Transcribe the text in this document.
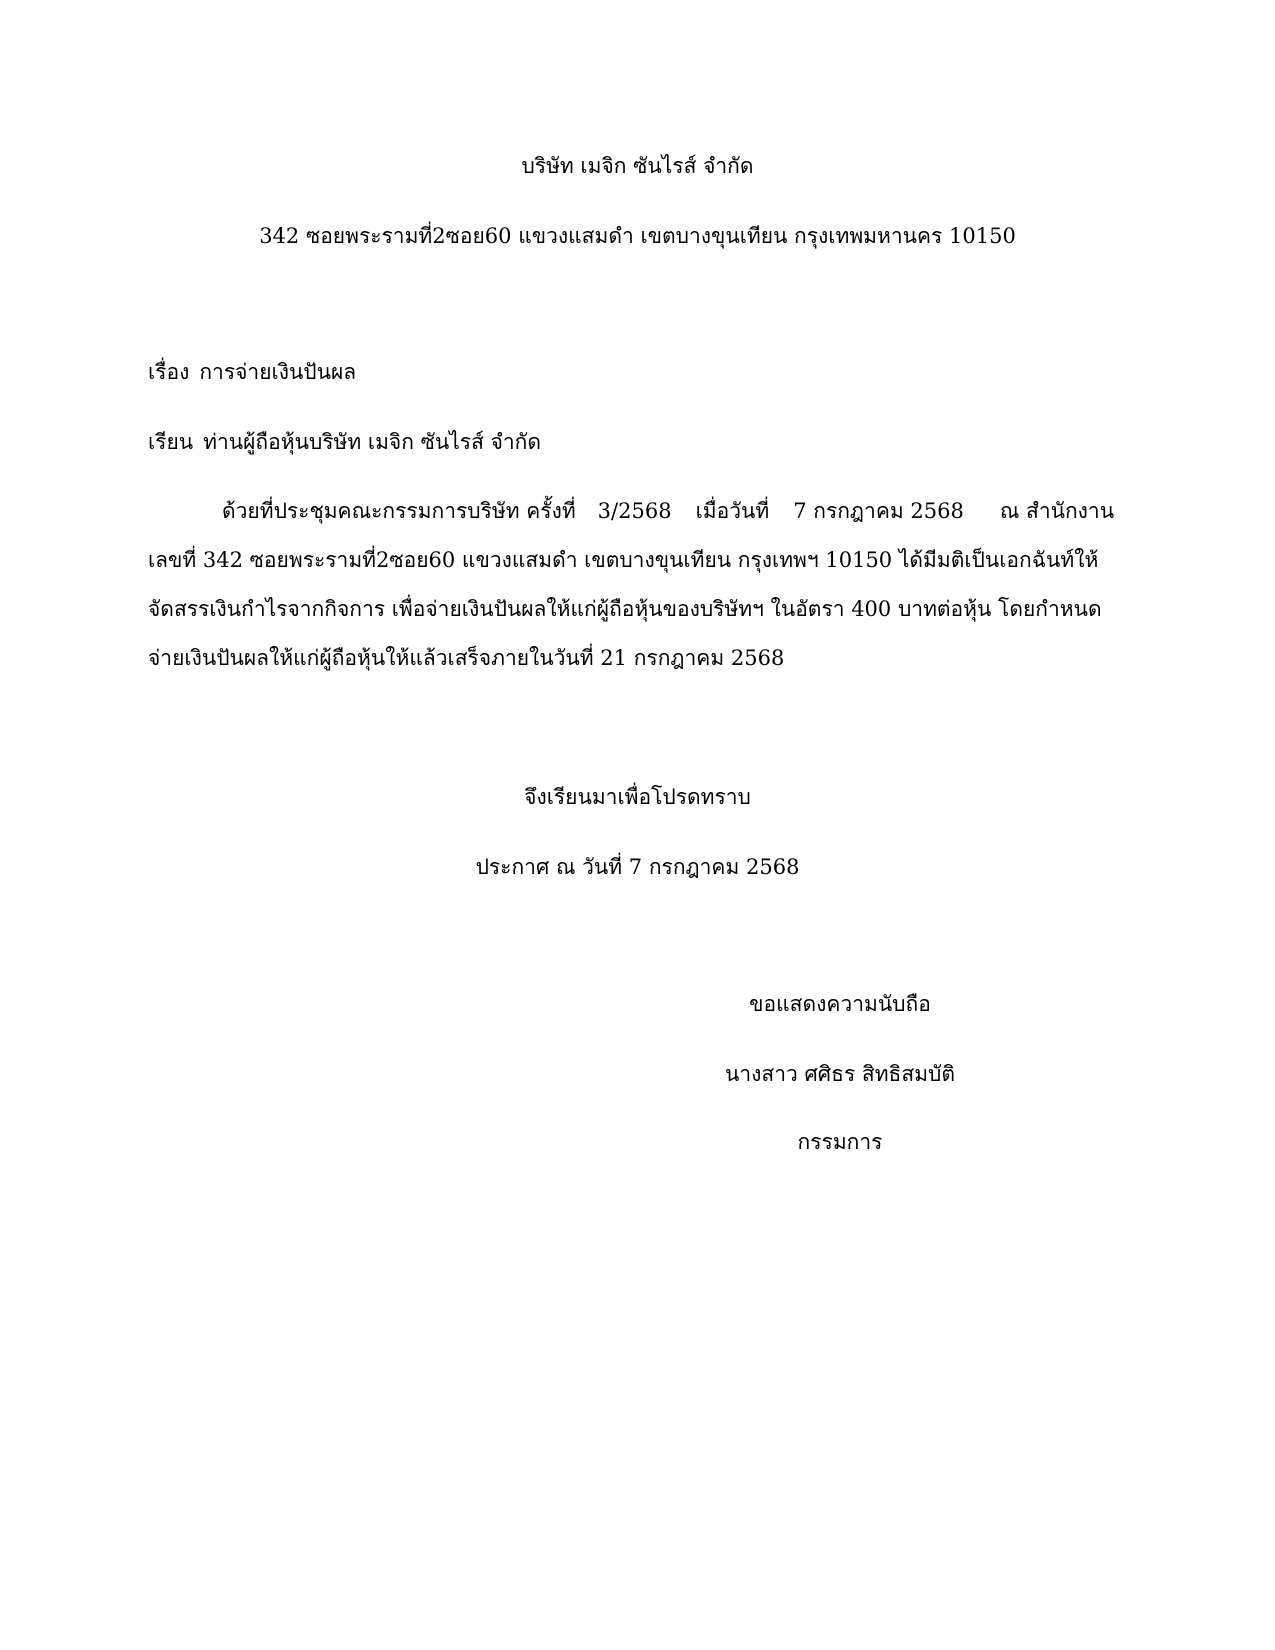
บริษัท เมจิก ซันไรส์ จำกัด
342 ซอยพระรามที่2ซอย60 แขวงแสมดำ เขตบางขุนเทียน กรุงเทพมหานคร 10150
เรื่อง การจ่ายเงินปันผล
เรียน ท่านผู้ถือหุ้นบริษัท เมจิก ซันไรส์ จำกัด
ด้วยที่ประชุมคณะกรรมการบริษัท ครั้งที่ 3/2568 เมื่อวันที่ 7 กรกฎาคม 2568 ณ สำนักงาน
เลขที่ 342 ซอยพระรามที่2ซอย60 แขวงแสมดำ เขตบางขุนเทียน กรุงเทพฯ 10150 ได้มีมติเป็นเอกฉันท์ให้
จัดสรรเงินกำไรจากกิจการ เพื่อจ่ายเงินปันผลให้แก่ผู้ถือหุ้นของบริษัทฯ ในอัตรา 400 บาทต่อหุ้น โดยกำหนด
จ่ายเงินปันผลให้แก่ผู้ถือหุ้นให้แล้วเสร็จภายในวันที่ 21 กรกฎาคม 2568
จึงเรียนมาเพื่อโปรดทราบ
ประกาศ ณ วันที่ 7 กรกฎาคม 2568
ขอแสดงความนับถือ
นางสาว ศศิธร สิทธิสมบัติ
กรรมการ
